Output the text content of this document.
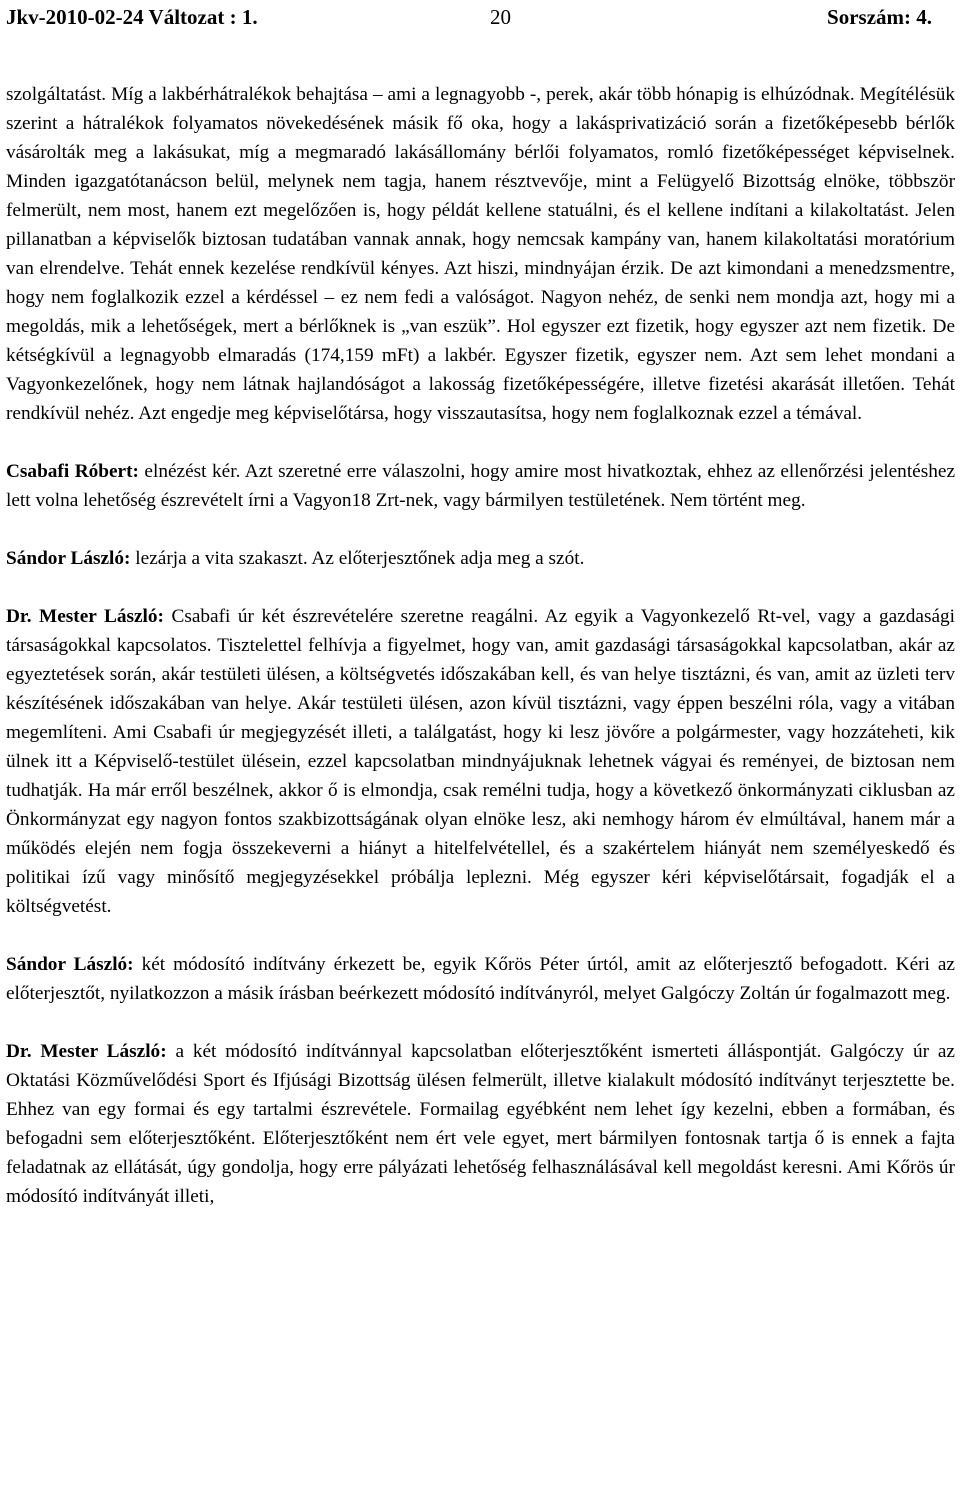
Jkv-2010-02-24 Változat : 1.	20	Sorszám: 4.

szolgáltatást. Míg a lakbérhátralékok behajtása – ami a legnagyobb -, perek, akár több hónapig is elhúzódnak. Megítélésük szerint a hátralékok folyamatos növekedésének másik fő oka, hogy a lakásprivatizáció során a fizetőképesebb bérlők vásárolták meg a lakásukat, míg a megmaradó lakásállomány bérlői folyamatos, romló fizetőképességet képviselnek. Minden igazgatótanácson belül, melynek nem tagja, hanem résztvevője, mint a Felügyelő Bizottság elnöke, többször felmerült, nem most, hanem ezt megelőzően is, hogy példát kellene statuálni, és el kellene indítani a kilakoltatást. Jelen pillanatban a képviselők biztosan tudatában vannak annak, hogy nemcsak kampány van, hanem kilakoltatási moratórium van elrendelve. Tehát ennek kezelése rendkívül kényes. Azt hiszi, mindnyájan érzik. De azt kimondani a menedzsmentre, hogy nem foglalkozik ezzel a kérdéssel – ez nem fedi a valóságot. Nagyon nehéz, de senki nem mondja azt, hogy mi a megoldás, mik a lehetőségek, mert a bérlőknek is „van eszük”. Hol egyszer ezt fizetik, hogy egyszer azt nem fizetik. De kétségkívül a legnagyobb elmaradás (174,159 mFt) a lakbér. Egyszer fizetik, egyszer nem. Azt sem lehet mondani a Vagyonkezelőnek, hogy nem látnak hajlandóságot a lakosság fizetőképességére, illetve fizetési akarását illetően. Tehát rendkívül nehéz. Azt engedje meg képviselőtársa, hogy visszautasítsa, hogy nem foglalkoznak ezzel a témával.

Csabafi Róbert: elnézést kér. Azt szeretné erre válaszolni, hogy amire most hivatkoztak, ehhez az ellenőrzési jelentéshez lett volna lehetőség észrevételt írni a Vagyon18 Zrt-nek, vagy bármilyen testületének. Nem történt meg.

Sándor László: lezárja a vita szakaszt. Az előterjesztőnek adja meg a szót.

Dr. Mester László: Csabafi úr két észrevételére szeretne reagálni. Az egyik a Vagyonkezelő Rt-vel, vagy a gazdasági társaságokkal kapcsolatos. Tisztelettel felhívja a figyelmet, hogy van, amit gazdasági társaságokkal kapcsolatban, akár az egyeztetések során, akár testületi ülésen, a költségvetés időszakában kell, és van helye tisztázni, és van, amit az üzleti terv készítésének időszakában van helye. Akár testületi ülésen, azon kívül tisztázni, vagy éppen beszélni róla, vagy a vitában megemlíteni. Ami Csabafi úr megjegyzését illeti, a találgatást, hogy ki lesz jövőre a polgármester, vagy hozzáteheti, kik ülnek itt a Képviselő-testület ülésein, ezzel kapcsolatban mindnyájuknak lehetnek vágyai és reményei, de biztosan nem tudhatják. Ha már erről beszélnek, akkor ő is elmondja, csak remélni tudja, hogy a következő önkormányzati ciklusban az Önkormányzat egy nagyon fontos szakbizottságának olyan elnöke lesz, aki nemhogy három év elmúltával, hanem már a működés elején nem fogja összekeverni a hiányt a hitelfelvétellel, és a szakértelem hiányát nem személyeskedő és politikai ízű vagy minősítő megjegyzésekkel próbálja leplezni. Még egyszer kéri képviselőtársait, fogadják el a költségvetést.

Sándor László: két módosító indítvány érkezett be, egyik Kőrös Péter úrtól, amit az előterjesztő befogadott. Kéri az előterjesztőt, nyilatkozzon a másik írásban beérkezett módosító indítványról, melyet Galgóczy Zoltán úr fogalmazott meg.

Dr. Mester László: a két módosító indítvánnyal kapcsolatban előterjesztőként ismerteti álláspontját. Galgóczy úr az Oktatási Közművelődési Sport és Ifjúsági Bizottság ülésen felmerült, illetve kialakult módosító indítványt terjesztette be. Ehhez van egy formai és egy tartalmi észrevétele. Formailag egyébként nem lehet így kezelni, ebben a formában, és befogadni sem előterjesztőként. Előterjesztőként nem ért vele egyet, mert bármilyen fontosnak tartja ő is ennek a fajta feladatnak az ellátását, úgy gondolja, hogy erre pályázati lehetőség felhasználásával kell megoldást keresni. Ami Kőrös úr módosító indítványát illeti,
